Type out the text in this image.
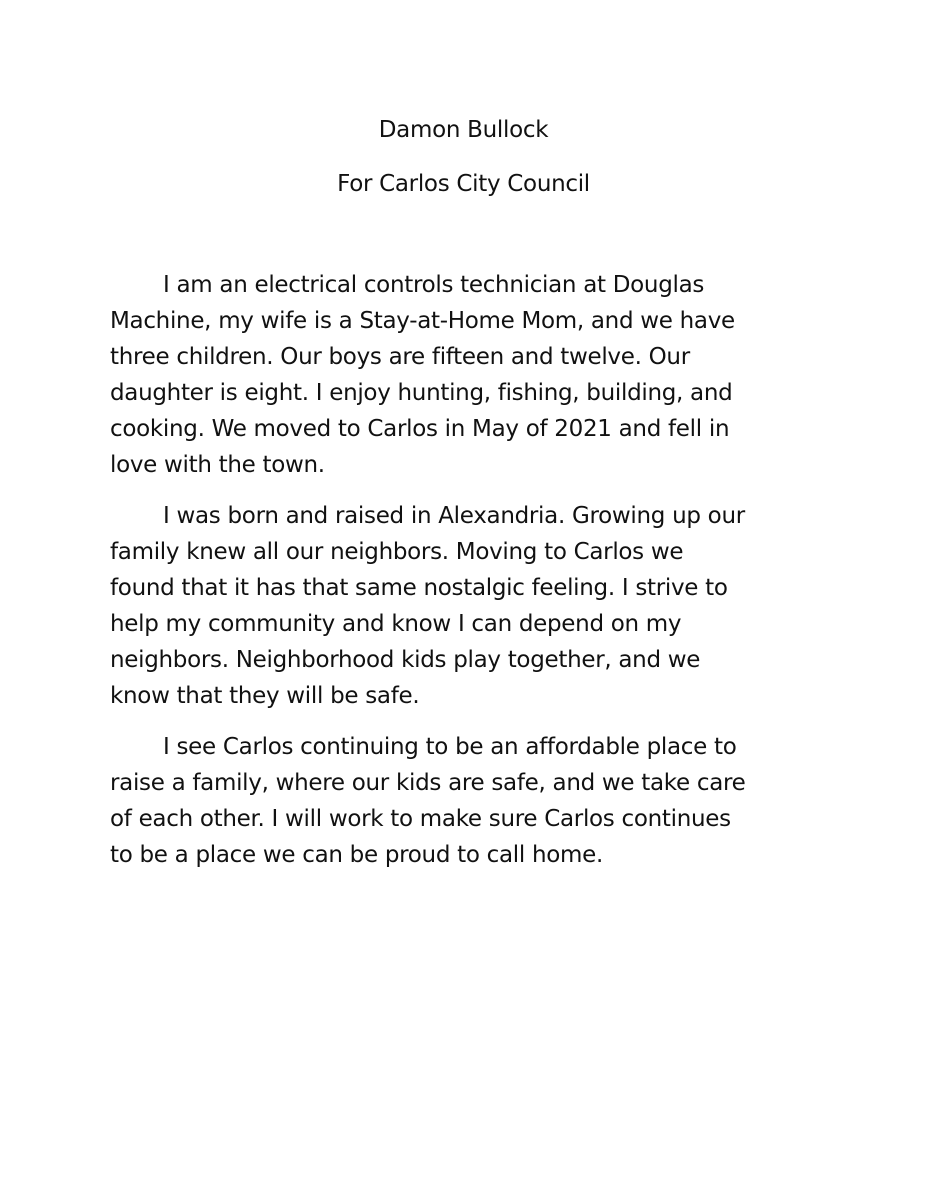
Damon Bullock
For Carlos City Council

I am an electrical controls technician at Douglas
Machine, my wife is a Stay-at-Home Mom, and we have
three children. Our boys are fifteen and twelve. Our
daughter is eight. I enjoy hunting, fishing, building, and
cooking. We moved to Carlos in May of 2021 and fell in
love with the town.

I was born and raised in Alexandria. Growing up our
family knew all our neighbors. Moving to Carlos we
found that it has that same nostalgic feeling. I strive to
help my community and know I can depend on my
neighbors. Neighborhood kids play together, and we
know that they will be safe.

I see Carlos continuing to be an affordable place to
raise a family, where our kids are safe, and we take care
of each other. I will work to make sure Carlos continues
to be a place we can be proud to call home.
